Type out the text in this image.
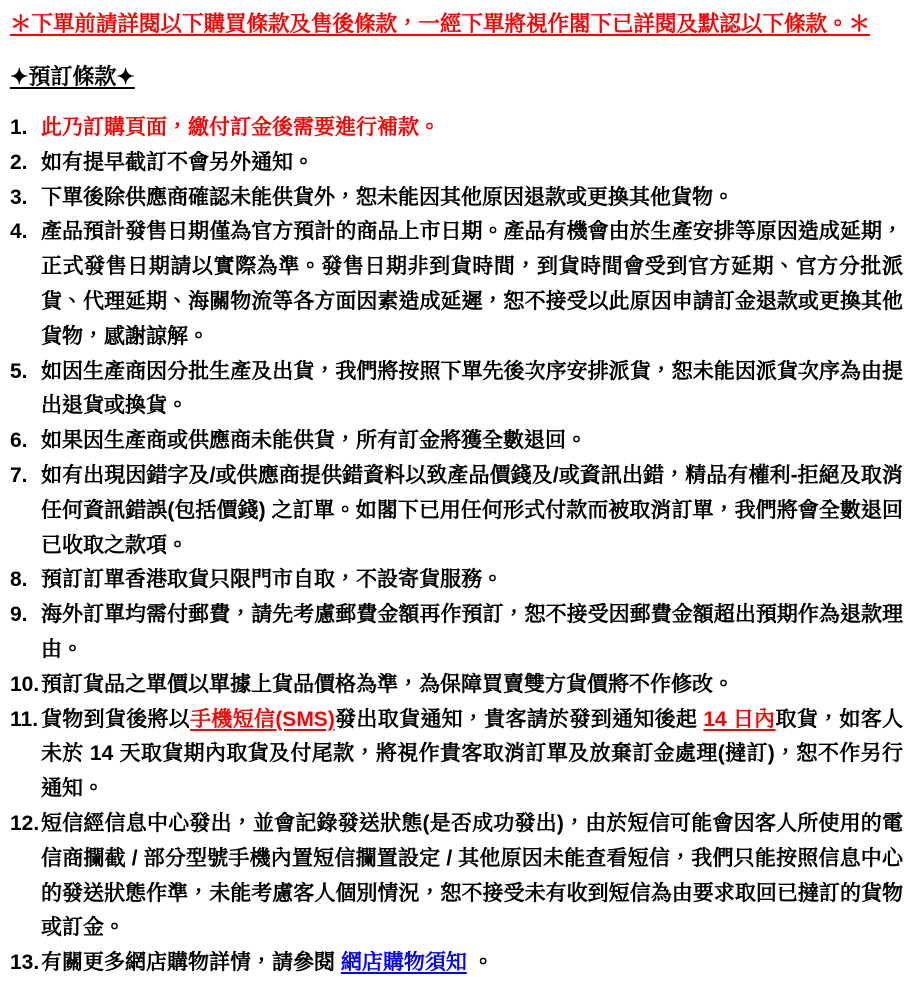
＊下單前請詳閱以下購買條款及售後條款，一經下單將視作閣下已詳閱及默認以下條款。＊

✦預訂條款✦
1. 此乃訂購頁面，繳付訂金後需要進行補款。
2. 如有提早截訂不會另外通知。
3. 下單後除供應商確認未能供貨外，恕未能因其他原因退款或更換其他貨物。
4. 產品預計發售日期僅為官方預計的商品上市日期。產品有機會由於生產安排等原因造成延期，正式發售日期請以實際為準。發售日期非到貨時間，到貨時間會受到官方延期、官方分批派貨、代理延期、海關物流等各方面因素造成延遲，恕不接受以此原因申請訂金退款或更換其他貨物，感謝諒解。
5. 如因生產商因分批生產及出貨，我們將按照下單先後次序安排派貨，恕未能因派貨次序為由提出退貨或換貨。
6. 如果因生產商或供應商未能供貨，所有訂金將獲全數退回。
7. 如有出現因錯字及/或供應商提供錯資料以致產品價錢及/或資訊出錯，精品有權利-拒絕及取消任何資訊錯誤(包括價錢) 之訂單。如閣下已用任何形式付款而被取消訂單，我們將會全數退回已收取之款項。
8. 預訂訂單香港取貨只限門市自取，不設寄貨服務。
9. 海外訂單均需付郵費，請先考慮郵費金額再作預訂，恕不接受因郵費金額超出預期作為退款理由。
10. 預訂貨品之單價以單據上貨品價格為準，為保障買賣雙方貨價將不作修改。
11. 貨物到貨後將以手機短信(SMS)發出取貨通知，貴客請於發到通知後起 14 日內取貨，如客人未於 14 天取貨期內取貨及付尾款，將視作貴客取消訂單及放棄訂金處理(撻訂)，恕不作另行通知。
12. 短信經信息中心發出，並會記錄發送狀態(是否成功發出)，由於短信可能會因客人所使用的電信商攔截 / 部分型號手機內置短信攔置設定 / 其他原因未能查看短信，我們只能按照信息中心的發送狀態作準，未能考慮客人個別情況，恕不接受未有收到短信為由要求取回已撻訂的貨物或訂金。
13. 有關更多網店購物詳情，請參閱 網店購物須知 。
